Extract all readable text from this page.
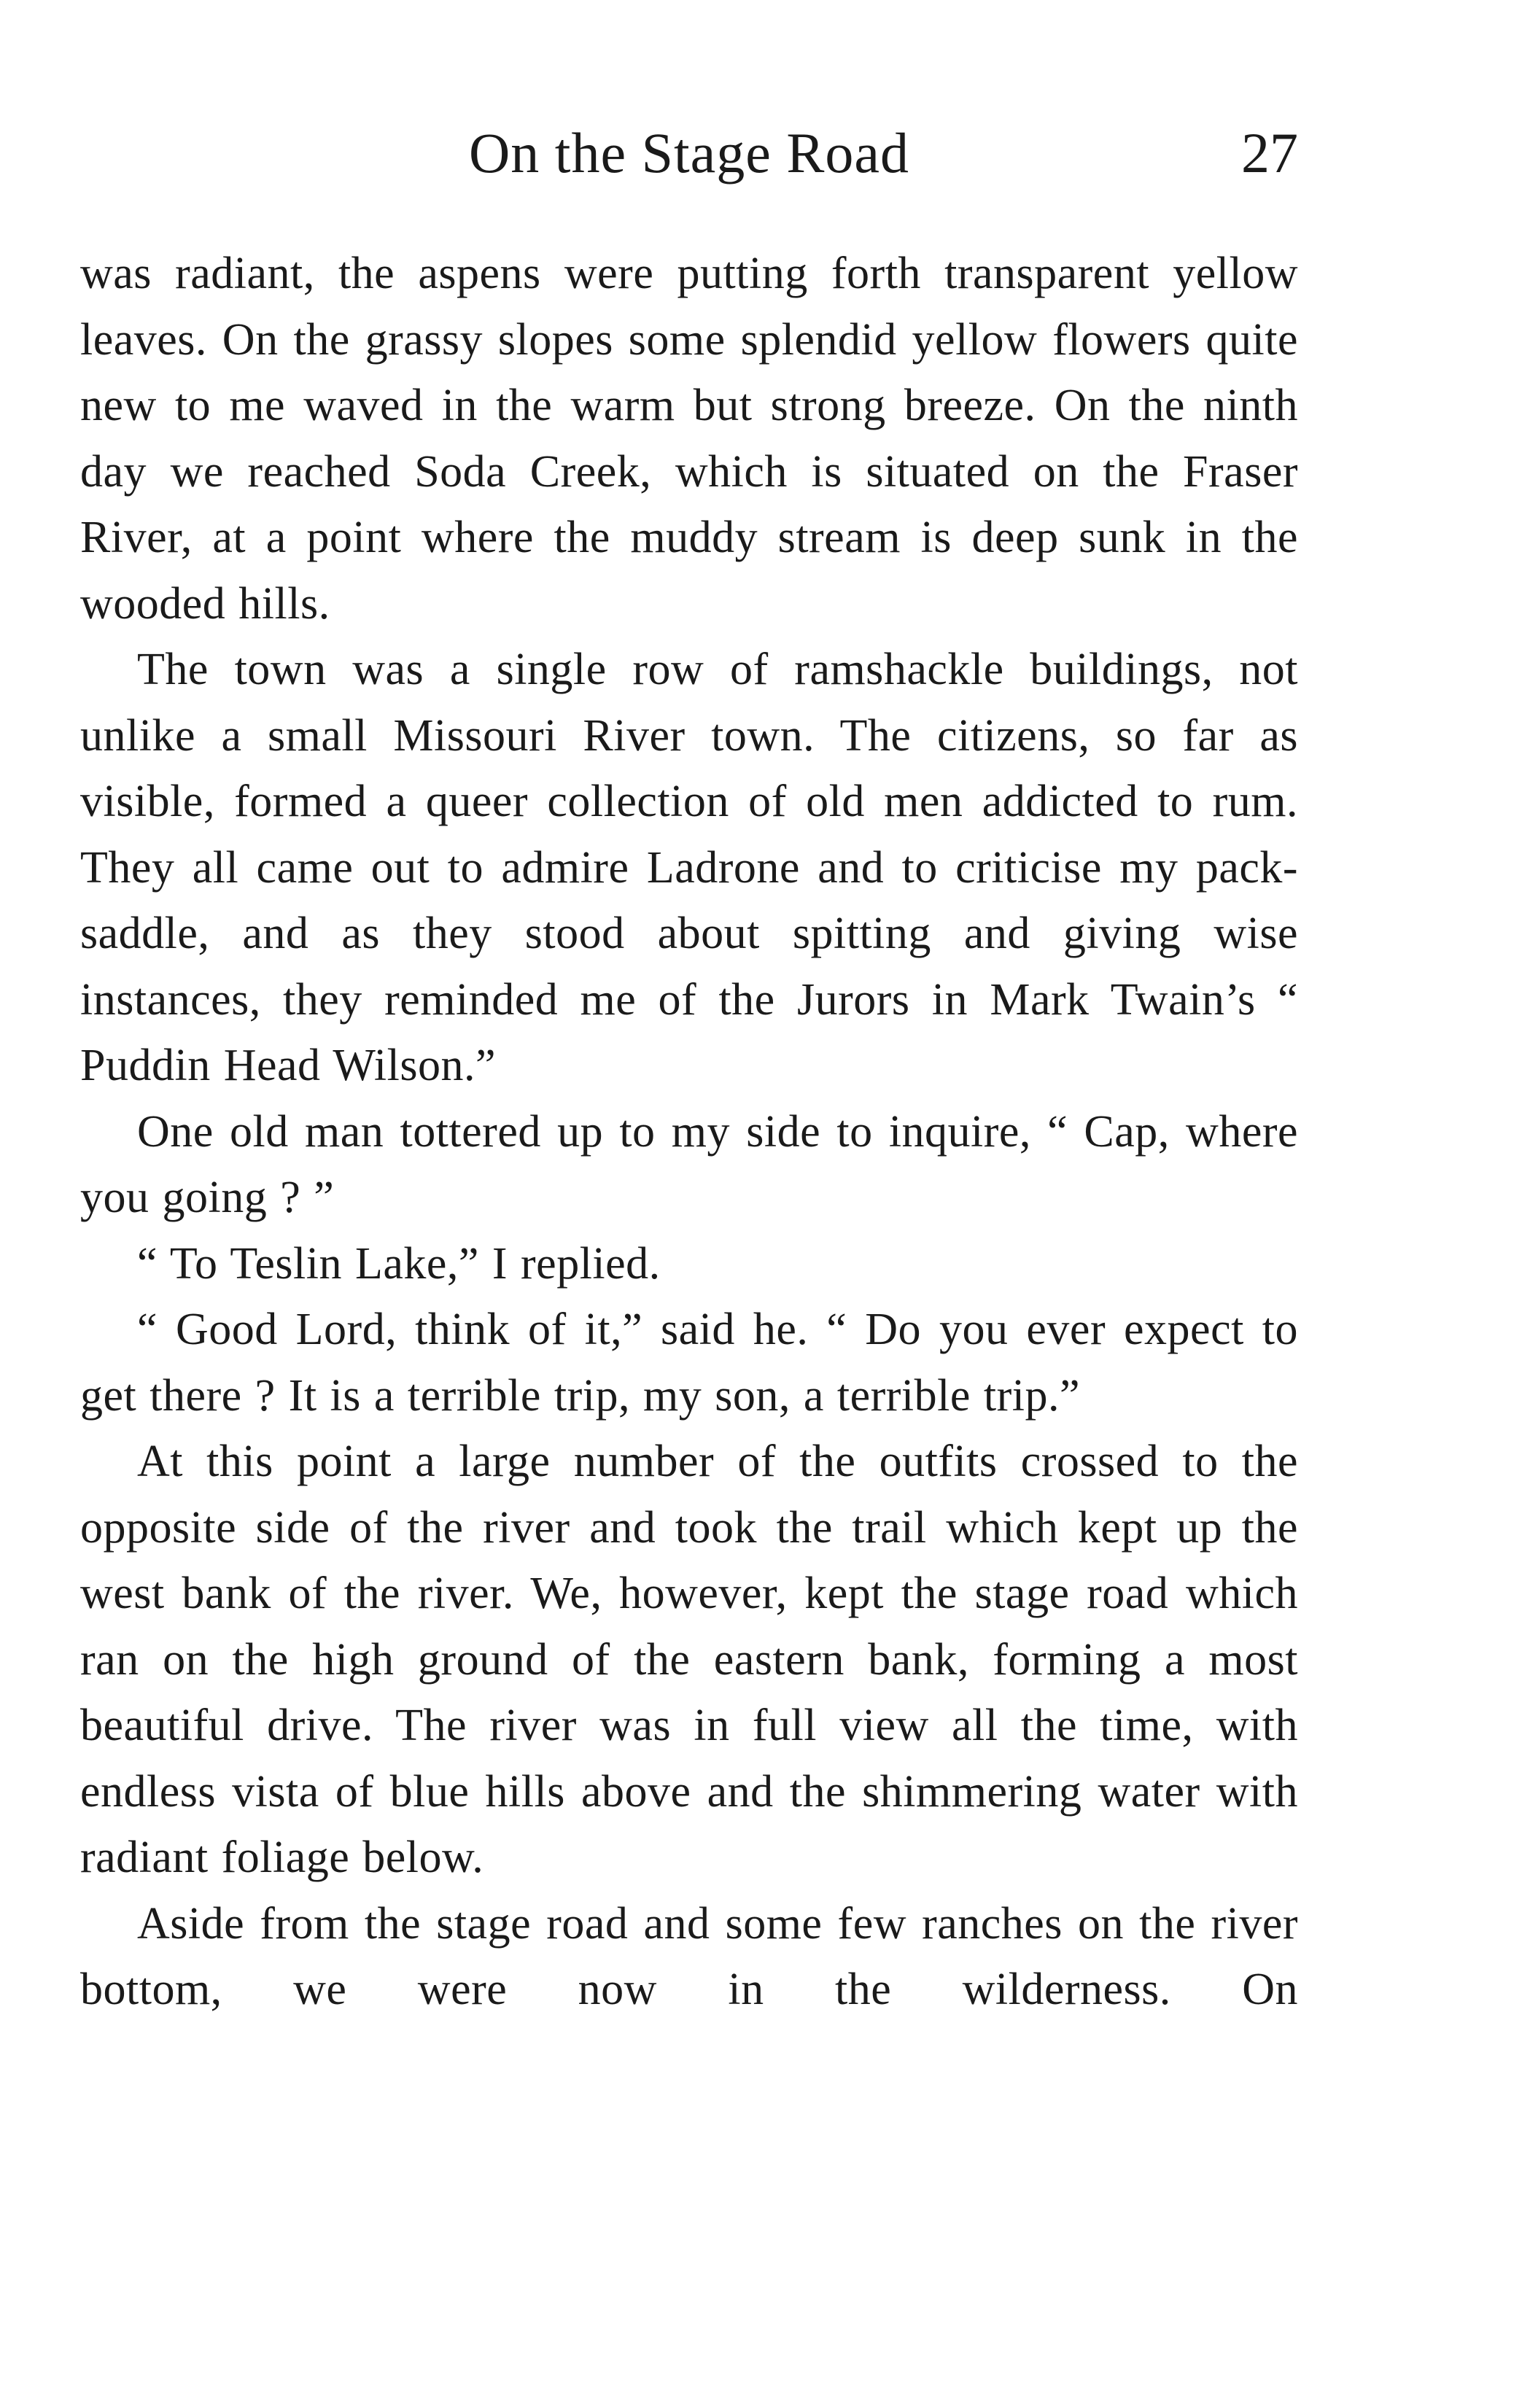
On the Stage Road	27

was radiant, the aspens were putting forth transparent yellow leaves. On the grassy slopes some splendid yellow flowers quite new to me waved in the warm but strong breeze. On the ninth day we reached Soda Creek, which is situated on the Fraser River, at a point where the muddy stream is deep sunk in the wooded hills.

The town was a single row of ramshackle buildings, not unlike a small Missouri River town. The citizens, so far as visible, formed a queer collection of old men addicted to rum. They all came out to admire Ladrone and to criticise my pack-saddle, and as they stood about spitting and giving wise instances, they reminded me of the Jurors in Mark Twain’s “ Puddin Head Wilson.”

One old man tottered up to my side to inquire, “ Cap, where you going ? ”

“ To Teslin Lake,” I replied.

“ Good Lord, think of it,” said he. “ Do you ever expect to get there ? It is a terrible trip, my son, a terrible trip.”

At this point a large number of the outfits crossed to the opposite side of the river and took the trail which kept up the west bank of the river. We, however, kept the stage road which ran on the high ground of the eastern bank, forming a most beautiful drive. The river was in full view all the time, with endless vista of blue hills above and the shimmering water with radiant foliage below.

Aside from the stage road and some few ranches on the river bottom, we were now in the wilderness. On
